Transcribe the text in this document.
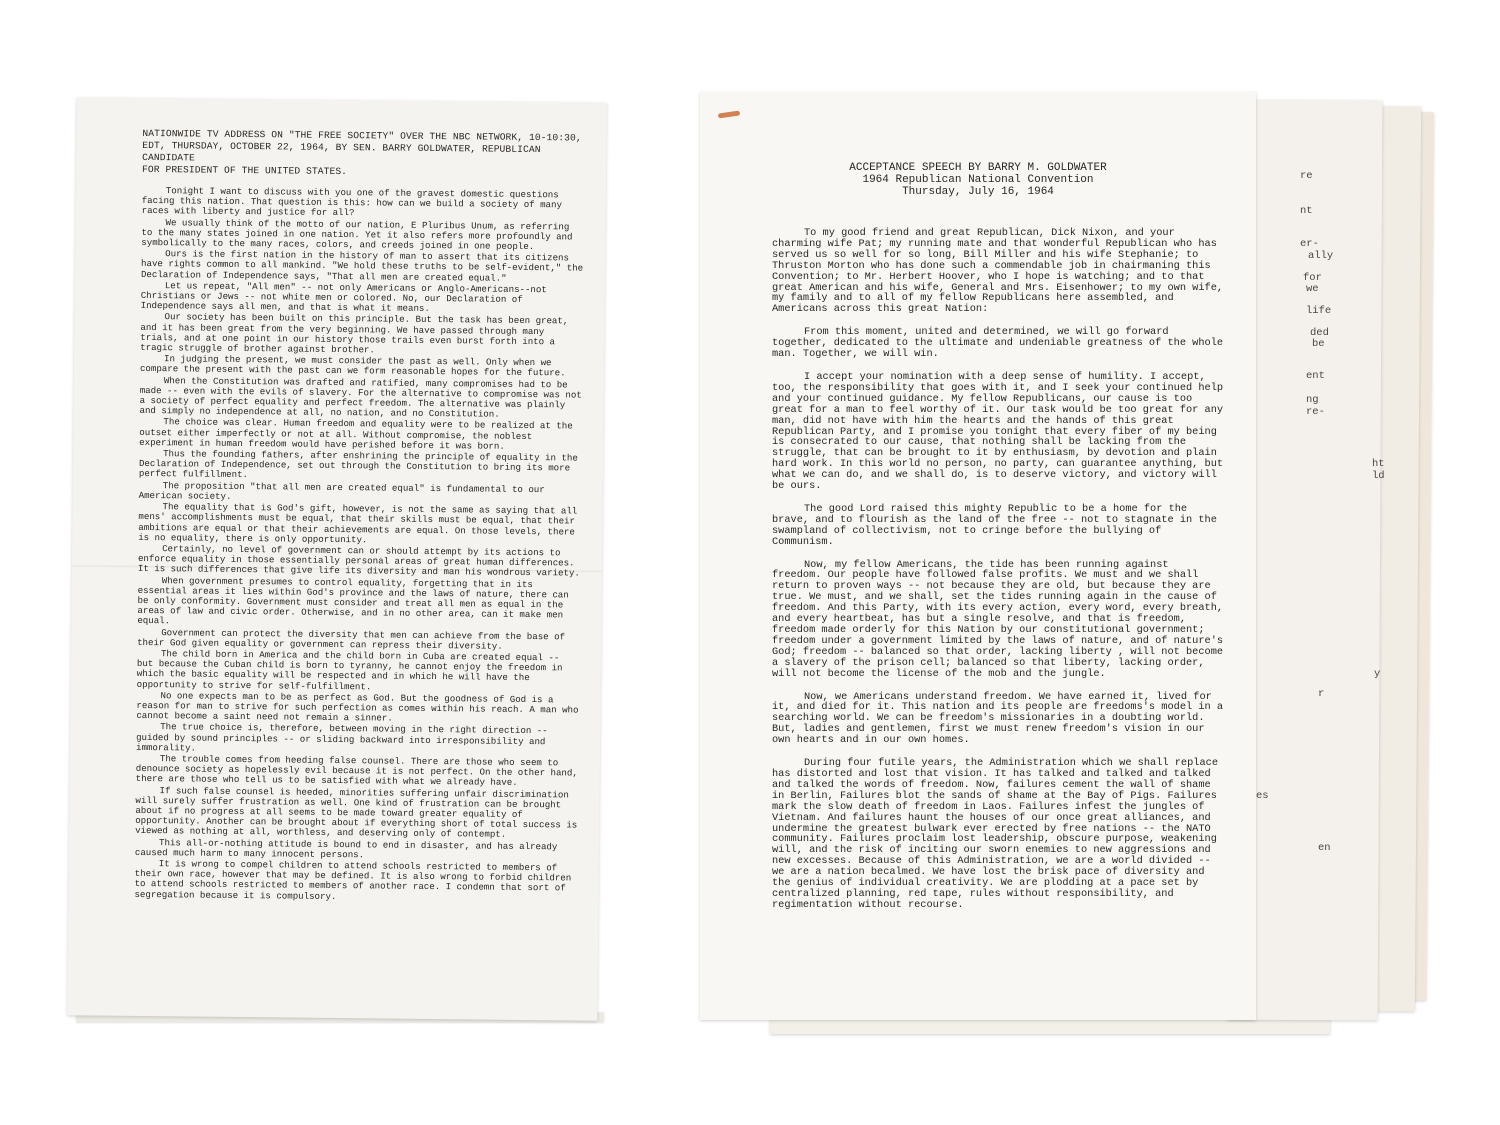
NATIONWIDE TV ADDRESS ON "THE FREE SOCIETY" OVER THE NBC NETWORK, 10-10:30,

EDT, THURSDAY, OCTOBER 22, 1964, BY SEN. BARRY GOLDWATER, REPUBLICAN CANDIDATE

FOR PRESIDENT OF THE UNITED STATES.

Tonight I want to discuss with you one of the gravest domestic questions facing this nation. That question is this: how can we build a society of many races with liberty and justice for all?

We usually think of the motto of our nation, E Pluribus Unum, as referring to the many states joined in one nation. Yet it also refers more profoundly and symbolically to the many races, colors, and creeds joined in one people.

Ours is the first nation in the history of man to assert that its citizens have rights common to all mankind. "We hold these truths to be self-evident," the Declaration of Independence says, "That all men are created equal."

Let us repeat, "All men" -- not only Americans or Anglo-Americans--not Christians or Jews -- not white men or colored. No, our Declaration of Independence says all men, and that is what it means.

Our society has been built on this principle. But the task has been great, and it has been great from the very beginning. We have passed through many trials, and at one point in our history those trails even burst forth into a tragic struggle of brother against brother.

In judging the present, we must consider the past as well. Only when we compare the present with the past can we form reasonable hopes for the future.

When the Constitution was drafted and ratified, many compromises had to be made -- even with the evils of slavery. For the alternative to compromise was not a society of perfect equality and perfect freedom. The alternative was plainly and simply no independence at all, no nation, and no Constitution.

The choice was clear. Human freedom and equality were to be realized at the outset either imperfectly or not at all. Without compromise, the noblest experiment in human freedom would have perished before it was born.

Thus the founding fathers, after enshrining the principle of equality in the Declaration of Independence, set out through the Constitution to bring its more perfect fulfillment.

The proposition "that all men are created equal" is fundamental to our American society.

The equality that is God's gift, however, is not the same as saying that all mens' accomplishments must be equal, that their skills must be equal, that their ambitions are equal or that their achievements are equal. On those levels, there is no equality, there is only opportunity.

Certainly, no level of government can or should attempt by its actions to enforce equality in those essentially personal areas of great human differences. It is such differences that give life its diversity and man his wondrous variety.

When government presumes to control equality, forgetting that in its essential areas it lies within God's province and the laws of nature, there can be only conformity. Government must consider and treat all men as equal in the areas of law and civic order. Otherwise, and in no other area, can it make men equal.

Government can protect the diversity that men can achieve from the base of their God given equality or government can repress their diversity.

The child born in America and the child born in Cuba are created equal -- but because the Cuban child is born to tyranny, he cannot enjoy the freedom in which the basic equality will be respected and in which he will have the opportunity to strive for self-fulfillment.

No one expects man to be as perfect as God. But the goodness of God is a reason for man to strive for such perfection as comes within his reach. A man who cannot become a saint need not remain a sinner.

The true choice is, therefore, between moving in the right direction -- guided by sound principles -- or sliding backward into irresponsibility and immorality.

The trouble comes from heeding false counsel. There are those who seem to denounce society as hopelessly evil because it is not perfect. On the other hand, there are those who tell us to be satisfied with what we already have.

If such false counsel is heeded, minorities suffering unfair discrimination will surely suffer frustration as well. One kind of frustration can be brought about if no progress at all seems to be made toward greater equality of opportunity. Another can be brought about if everything short of total success is viewed as nothing at all, worthless, and deserving only of contempt.

This all-or-nothing attitude is bound to end in disaster, and has already caused much harm to many innocent persons.

It is wrong to compel children to attend schools restricted to members of their own race, however that may be defined. It is also wrong to forbid children to attend schools restricted to members of another race. I condemn that sort of segregation because it is compulsory.

re
nt
er-
ally
for
we
life
ded
be
ent
ng
re-
ht
ld
es
en
y
r

ACCEPTANCE SPEECH BY BARRY M. GOLDWATER

1964 Republican National Convention

Thursday, July 16, 1964

To my good friend and great Republican, Dick Nixon, and your charming wife Pat; my running mate and that wonderful Republican who has served us so well for so long, Bill Miller and his wife Stephanie; to Thruston Morton who has done such a commendable job in chairmaning this Convention; to Mr. Herbert Hoover, who I hope is watching; and to that great American and his wife, General and Mrs. Eisenhower; to my own wife, my family and to all of my fellow Republicans here assembled, and Americans across this great Nation:

From this moment, united and determined, we will go forward together, dedicated to the ultimate and undeniable greatness of the whole man. Together, we will win.

I accept your nomination with a deep sense of humility. I accept, too, the responsibility that goes with it, and I seek your continued help and your continued guidance. My fellow Republicans, our cause is too great for a man to feel worthy of it. Our task would be too great for any man, did not have with him the hearts and the hands of this great Republican Party, and I promise you tonight that every fiber of my being is consecrated to our cause, that nothing shall be lacking from the struggle, that can be brought to it by enthusiasm, by devotion and plain hard work. In this world no person, no party, can guarantee anything, but what we can do, and we shall do, is to deserve victory, and victory will be ours.

The good Lord raised this mighty Republic to be a home for the brave, and to flourish as the land of the free -- not to stagnate in the swampland of collectivism, not to cringe before the bullying of Communism.

Now, my fellow Americans, the tide has been running against freedom. Our people have followed false profits. We must and we shall return to proven ways -- not because they are old, but because they are true. We must, and we shall, set the tides running again in the cause of freedom. And this Party, with its every action, every word, every breath, and every heartbeat, has but a single resolve, and that is freedom, freedom made orderly for this Nation by our constitutional government; freedom under a government limited by the laws of nature, and of nature's God; freedom -- balanced so that order, lacking liberty , will not become a slavery of the prison cell; balanced so that liberty, lacking order, will not become the license of the mob and the jungle.

Now, we Americans understand freedom. We have earned it, lived for it, and died for it. This nation and its people are freedoms's model in a searching world. We can be freedom's missionaries in a doubting world. But, ladies and gentlemen, first we must renew freedom's vision in our own hearts and in our own homes.

During four futile years, the Administration which we shall replace has distorted and lost that vision. It has talked and talked and talked and talked the words of freedom. Now, failures cement the wall of shame in Berlin, Failures blot the sands of shame at the Bay of Pigs. Failures mark the slow death of freedom in Laos. Failures infest the jungles of Vietnam. And failures haunt the houses of our once great alliances, and undermine the greatest bulwark ever erected by free nations -- the NATO community. Failures proclaim lost leadership, obscure purpose, weakening will, and the risk of inciting our sworn enemies to new aggressions and new excesses. Because of this Administration, we are a world divided -- we are a nation becalmed. We have lost the brisk pace of diversity and the genius of individual creativity. We are plodding at a pace set by centralized planning, red tape, rules without responsibility, and regimentation without recourse.
